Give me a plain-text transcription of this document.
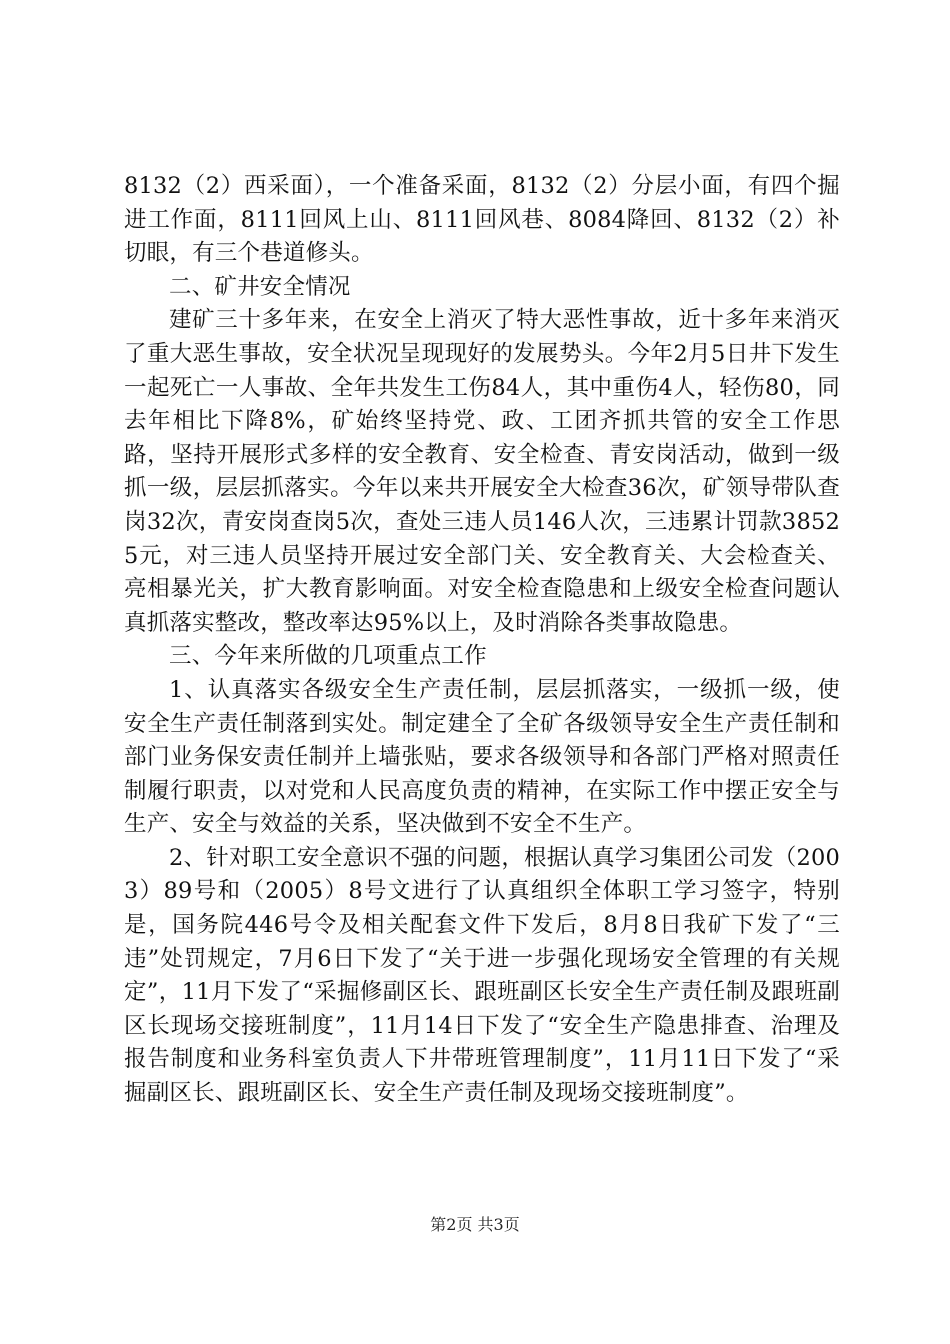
8132（2）西采面），一个准备采面，8132（2）分层小面，有四个掘进工作面，8111回风上山、8111回风巷、8084降回、8132（2）补切眼，有三个巷道修头。

二、矿井安全情况

建矿三十多年来，在安全上消灭了特大恶性事故，近十多年来消灭了重大恶生事故，安全状况呈现现好的发展势头。今年2月5日井下发生一起死亡一人事故、全年共发生工伤84人，其中重伤4人，轻伤80，同去年相比下降8%，矿始终坚持党、政、工团齐抓共管的安全工作思路，坚持开展形式多样的安全教育、安全检查、青安岗活动，做到一级抓一级，层层抓落实。今年以来共开展安全大检查36次，矿领导带队查岗32次，青安岗查岗5次，查处三违人员146人次，三违累计罚款38525元，对三违人员坚持开展过安全部门关、安全教育关、大会检查关、亮相暴光关，扩大教育影响面。对安全检查隐患和上级安全检查问题认真抓落实整改，整改率达95%以上，及时消除各类事故隐患。

三、今年来所做的几项重点工作

1、认真落实各级安全生产责任制，层层抓落实，一级抓一级，使安全生产责任制落到实处。制定建全了全矿各级领导安全生产责任制和部门业务保安责任制并上墙张贴，要求各级领导和各部门严格对照责任制履行职责，以对党和人民高度负责的精神，在实际工作中摆正安全与生产、安全与效益的关系，坚决做到不安全不生产。

2、针对职工安全意识不强的问题，根据认真学习集团公司发（2003）89号和（2005）8号文进行了认真组织全体职工学习签字，特别是，国务院446号令及相关配套文件下发后，8月8日我矿下发了“三违”处罚规定，7月6日下发了“关于进一步强化现场安全管理的有关规定”，11月下发了“采掘修副区长、跟班副区长安全生产责任制及跟班副区长现场交接班制度”，11月14日下发了“安全生产隐患排查、治理及报告制度和业务科室负责人下井带班管理制度”，11月11日下发了“采掘副区长、跟班副区长、安全生产责任制及现场交接班制度”。

第2页 共3页
